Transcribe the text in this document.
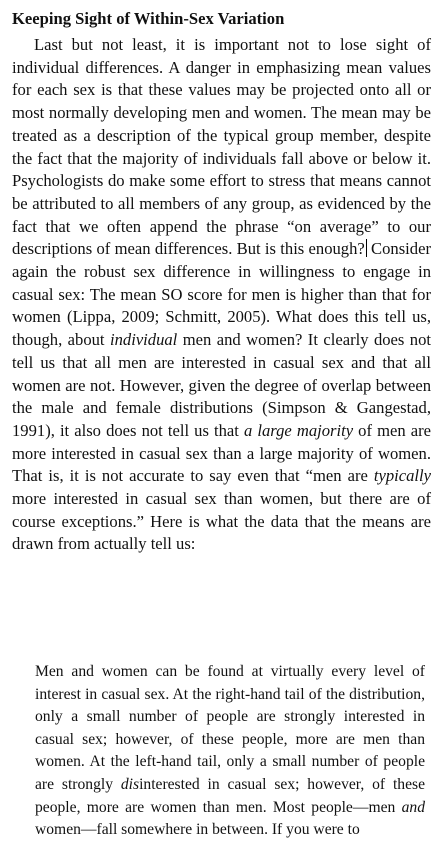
Keeping Sight of Within-Sex Variation

Last but not least, it is important not to lose sight of individual differences. A danger in emphasizing mean values for each sex is that these values may be projected onto all or most normally developing men and women. The mean may be treated as a description of the typical group member, despite the fact that the majority of individuals fall above or below it. Psychologists do make some effort to stress that means cannot be attributed to all members of any group, as evidenced by the fact that we often append the phrase “on average” to our descriptions of mean differences. But is this enough? Consider again the robust sex difference in willingness to engage in casual sex: The mean SO score for men is higher than that for women (Lippa, 2009; Schmitt, 2005). What does this tell us, though, about individual men and women? It clearly does not tell us that all men are interested in casual sex and that all women are not. However, given the degree of overlap between the male and female distributions (Simpson & Gangestad, 1991), it also does not tell us that a large majority of men are more interested in casual sex than a large majority of women. That is, it is not accurate to say even that “men are typically more interested in casual sex than women, but there are of course exceptions.” Here is what the data that the means are drawn from actually tell us:

Men and women can be found at virtually every level of interest in casual sex. At the right-hand tail of the distribution, only a small number of people are strongly interested in casual sex; however, of these people, more are men than women. At the left-hand tail, only a small number of people are strongly disinterested in casual sex; however, of these people, more are women than men. Most people—men and women—fall somewhere in between. If you were to
